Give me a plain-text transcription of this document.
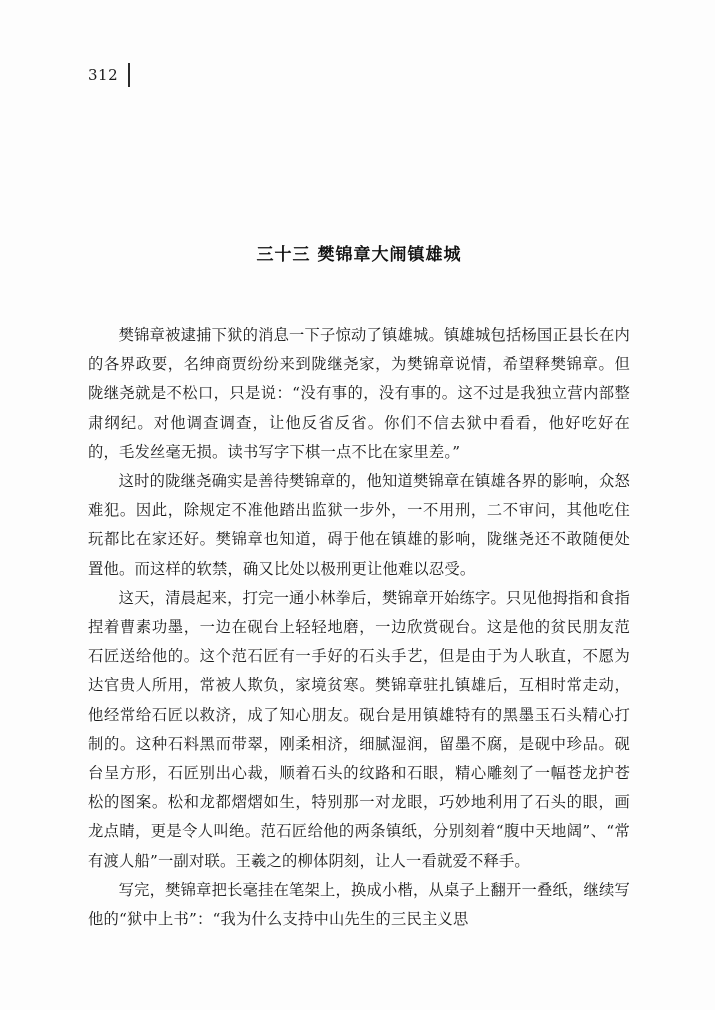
312
三十三 樊锦章大闹镇雄城

樊锦章被逮捕下狱的消息一下子惊动了镇雄城。镇雄城包括杨国正县长在内的各界政要，名绅商贾纷纷来到陇继尧家，为樊锦章说情，希望释樊锦章。但陇继尧就是不松口，只是说：“没有事的，没有事的。这不过是我独立营内部整肃纲纪。对他调查调查，让他反省反省。你们不信去狱中看看，他好吃好在的，毛发丝毫无损。读书写字下棋一点不比在家里差。”

这时的陇继尧确实是善待樊锦章的，他知道樊锦章在镇雄各界的影响，众怒难犯。因此，除规定不准他踏出监狱一步外，一不用刑，二不审问，其他吃住玩都比在家还好。樊锦章也知道，碍于他在镇雄的影响，陇继尧还不敢随便处置他。而这样的软禁，确又比处以极刑更让他难以忍受。

这天，清晨起来，打完一通小林拳后，樊锦章开始练字。只见他拇指和食指捏着曹素功墨，一边在砚台上轻轻地磨，一边欣赏砚台。这是他的贫民朋友范石匠送给他的。这个范石匠有一手好的石头手艺，但是由于为人耿直，不愿为达官贵人所用，常被人欺负，家境贫寒。樊锦章驻扎镇雄后，互相时常走动，他经常给石匠以救济，成了知心朋友。砚台是用镇雄特有的黑墨玉石头精心打制的。这种石料黑而带翠，刚柔相济，细腻湿润，留墨不腐，是砚中珍品。砚台呈方形，石匠别出心裁，顺着石头的纹路和石眼，精心雕刻了一幅苍龙护苍松的图案。松和龙都熠熠如生，特别那一对龙眼，巧妙地利用了石头的眼，画龙点睛，更是令人叫绝。范石匠给他的两条镇纸，分别刻着“腹中天地阔”、“常有渡人船”一副对联。王羲之的柳体阴刻，让人一看就爱不释手。

写完，樊锦章把长毫挂在笔架上，换成小楷，从桌子上翻开一叠纸，继续写他的“狱中上书”：“我为什么支持中山先生的三民主义思
